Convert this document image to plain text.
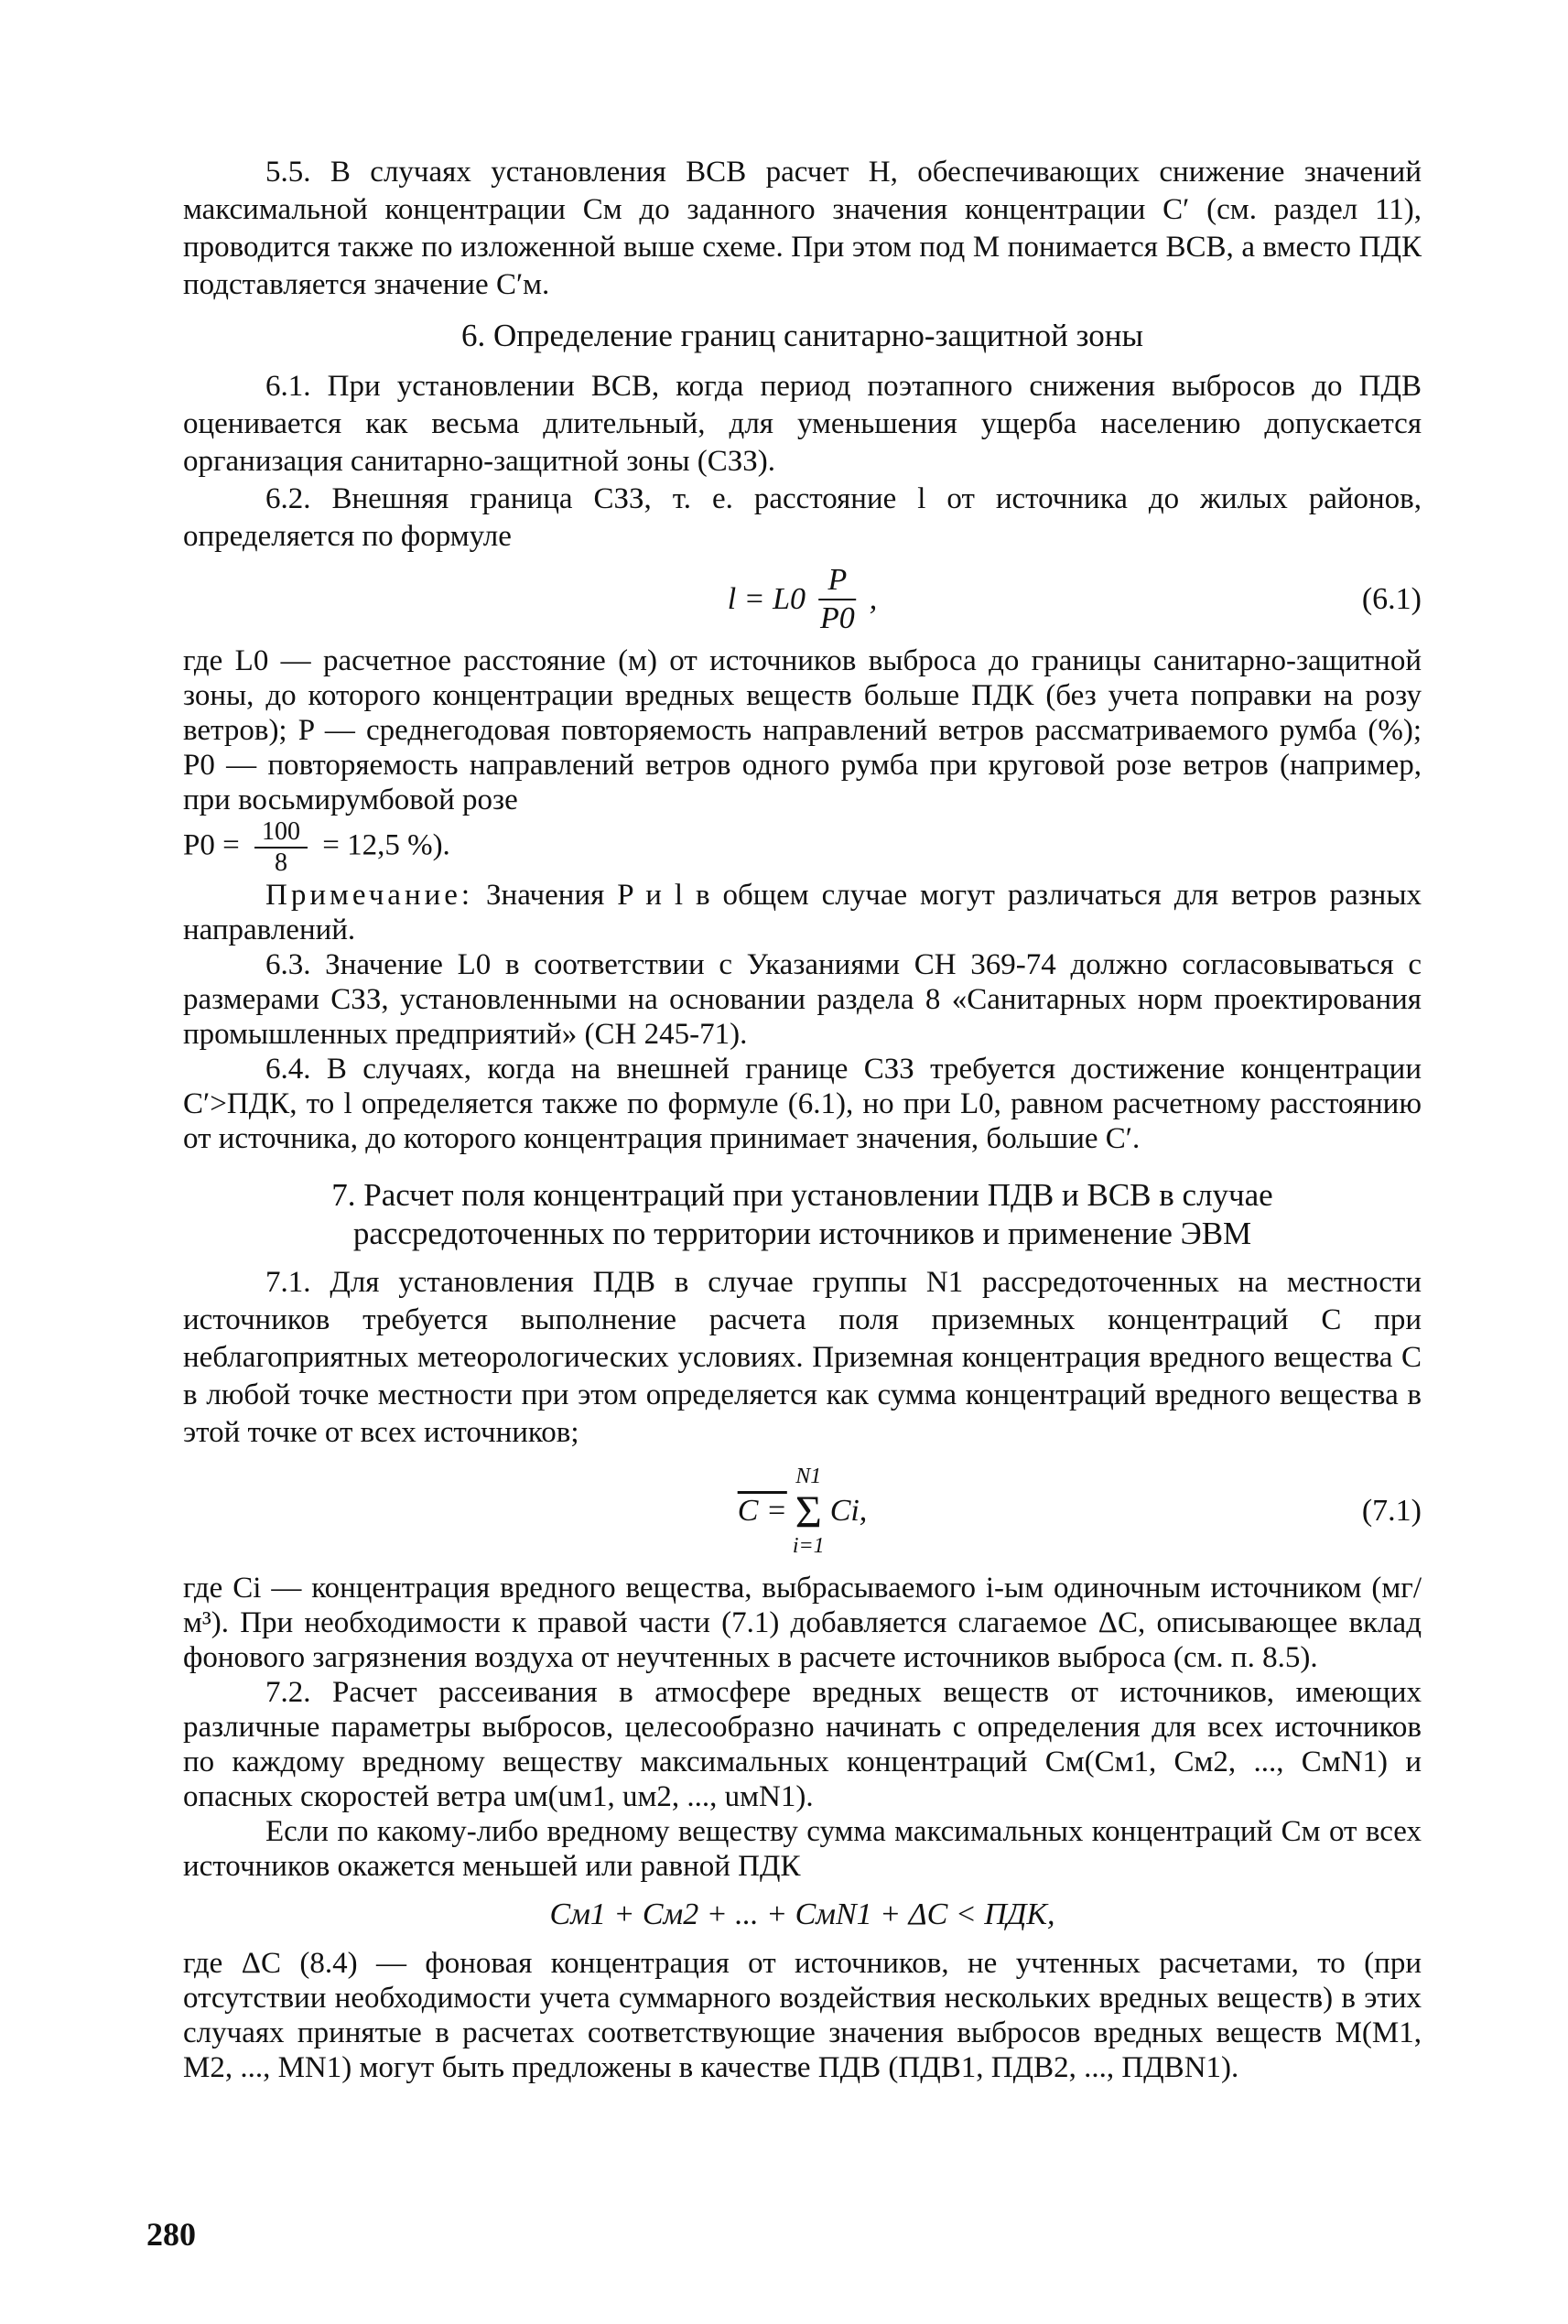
5.5. В случаях установления ВСВ расчет H, обеспечивающих снижение значений максимальной концентрации Cм до заданного значения концентрации C′ (см. раздел 11), проводится также по изложенной выше схеме. При этом под M понимается ВСВ, а вместо ПДК подставляется значение C′м.

6. Определение границ санитарно-защитной зоны

6.1. При установлении ВСВ, когда период поэтапного снижения выбросов до ПДВ оценивается как весьма длительный, для уменьшения ущерба населению допускается организация санитарно-защитной зоны (СЗЗ).

6.2. Внешняя граница СЗЗ, т. е. расстояние l от источника до жилых районов, определяется по формуле

$l = L0 \frac{P}{P0}$ ,	(6.1)

где L0 — расчетное расстояние (м) от источников выброса до границы санитарно-защитной зоны, до которого концентрации вредных веществ больше ПДК (без учета поправки на розу ветров); P — среднегодовая повторяемость направлений ветров рассматриваемого румба (%); P0 — повторяемость направлений ветров одного румба при круговой розе ветров (например, при восьмирумбовой розе

$P0 = \frac{100}{8} = 12,5$ %).

Примечание: Значения P и l в общем случае могут различаться для ветров разных направлений.

6.3. Значение L0 в соответствии с Указаниями СН 369-74 должно согласовываться с размерами СЗЗ, установленными на основании раздела 8 «Санитарных норм проектирования промышленных предприятий» (СН 245-71).

6.4. В случаях, когда на внешней границе СЗЗ требуется достижение концентрации C′>ПДК, то l определяется также по формуле (6.1), но при L0, равном расчетному расстоянию от источника, до которого концентрация принимает значения, большие C′.

7. Расчет поля концентраций при установлении ПДВ и ВСВ в случае
рассредоточенных по территории источников и применение ЭВМ

7.1. Для установления ПДВ в случае группы N1 рассредоточенных на местности источников требуется выполнение расчета поля приземных концентраций C при неблагоприятных метеорологических условиях. Приземная концентрация вредного вещества C в любой точке местности при этом определяется как сумма концентраций вредного вещества в этой точке от всех источников;

C =
N1
Σ
i=1
Ci,	(7.1)

где Ci — концентрация вредного вещества, выбрасываемого i-ым одиночным источником (мг/м³). При необходимости к правой части (7.1) добавляется слагаемое ΔC, описывающее вклад фонового загрязнения воздуха от неучтенных в расчете источников выброса (см. п. 8.5).

7.2. Расчет рассеивания в атмосфере вредных веществ от источников, имеющих различные параметры выбросов, целесообразно начинать с определения для всех источников по каждому вредному веществу максимальных концентраций Cм(Cм1, Cм2, ..., CмN1) и опасных скоростей ветра uм(uм1, uм2, ..., uмN1).

Если по какому-либо вредному веществу сумма максимальных концентраций Cм от всех источников окажется меньшей или равной ПДК

Cм1 + Cм2 + ... + CмN1 + ΔC < ПДК,

где ΔC (8.4) — фоновая концентрация от источников, не учтенных расчетами, то (при отсутствии необходимости учета суммарного воздействия нескольких вредных веществ) в этих случаях принятые в расчетах соответствующие значения выбросов вредных веществ M(M1, M2, ..., MN1) могут быть предложены в качестве ПДВ (ПДВ1, ПДВ2, ..., ПДВN1).

280
